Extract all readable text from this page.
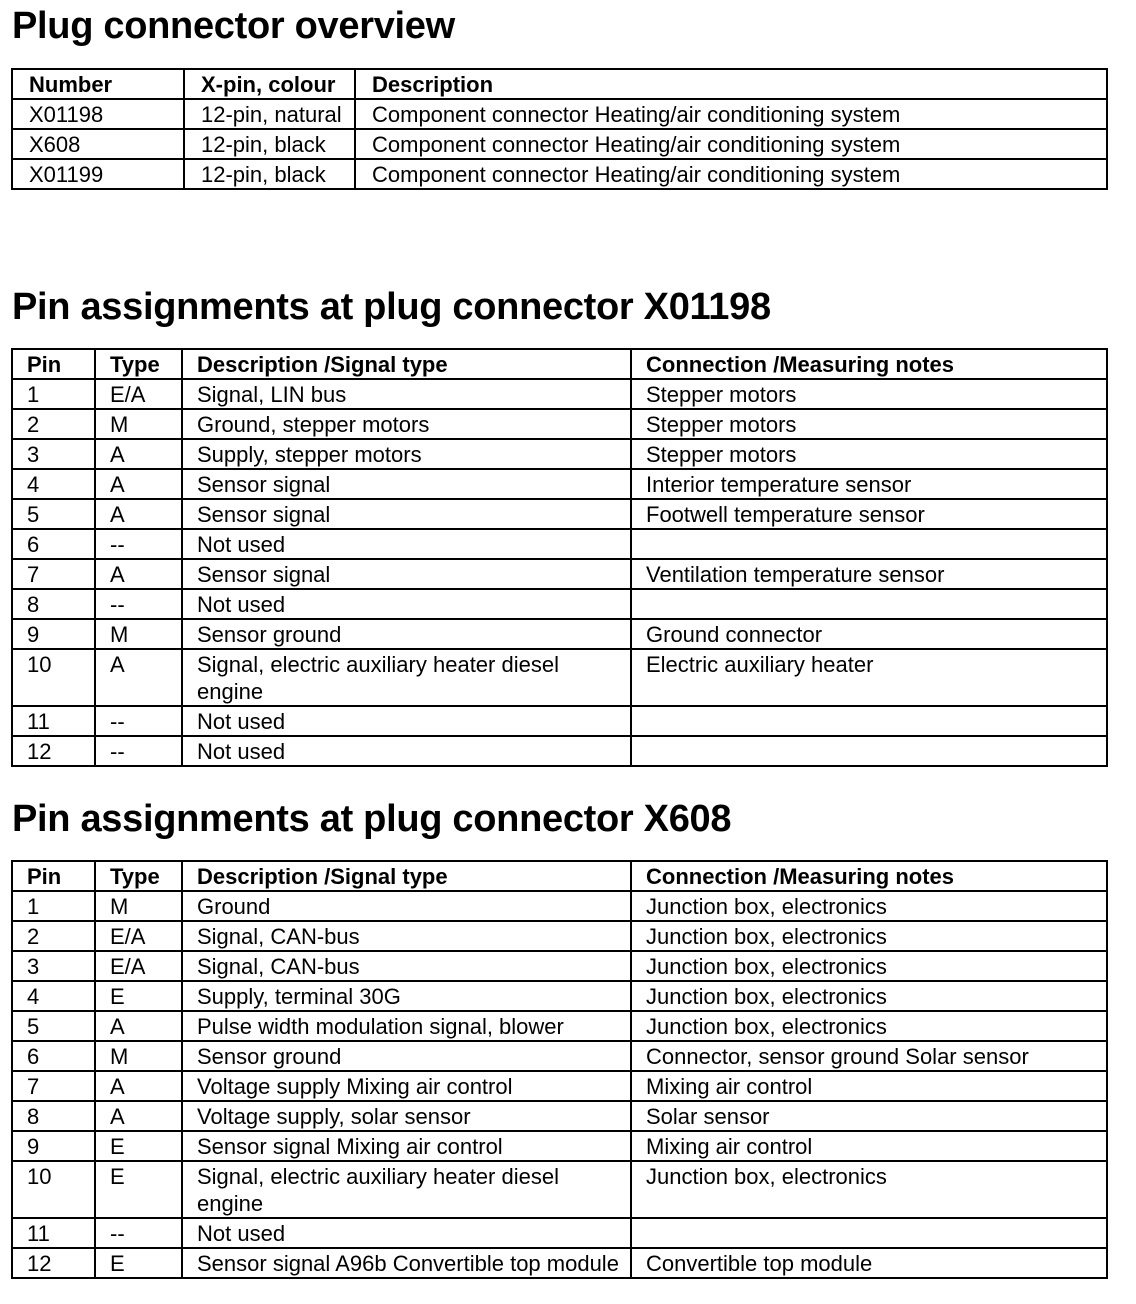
Plug connector overview
Number	X-pin, colour	Description
X01198	12-pin, natural	Component connector Heating/air conditioning system
X608	12-pin, black	Component connector Heating/air conditioning system
X01199	12-pin, black	Component connector Heating/air conditioning system
Pin assignments at plug connector X01198
Pin	Type	Description /Signal type	Connection /Measuring notes
1	E/A	Signal, LIN bus	Stepper motors
2	M	Ground, stepper motors	Stepper motors
3	A	Supply, stepper motors	Stepper motors
4	A	Sensor signal	Interior temperature sensor
5	A	Sensor signal	Footwell temperature sensor
6	--	Not used	
7	A	Sensor signal	Ventilation temperature sensor
8	--	Not used	
9	M	Sensor ground	Ground connector
10	A	Signal, electric auxiliary heater diesel engine	Electric auxiliary heater
11	--	Not used	
12	--	Not used	
Pin assignments at plug connector X608
Pin	Type	Description /Signal type	Connection /Measuring notes
1	M	Ground	Junction box, electronics
2	E/A	Signal, CAN-bus	Junction box, electronics
3	E/A	Signal, CAN-bus	Junction box, electronics
4	E	Supply, terminal 30G	Junction box, electronics
5	A	Pulse width modulation signal, blower	Junction box, electronics
6	M	Sensor ground	Connector, sensor ground Solar sensor
7	A	Voltage supply Mixing air control	Mixing air control
8	A	Voltage supply, solar sensor	Solar sensor
9	E	Sensor signal Mixing air control	Mixing air control
10	E	Signal, electric auxiliary heater diesel engine	Junction box, electronics
11	--	Not used	
12	E	Sensor signal A96b Convertible top module	Convertible top module
